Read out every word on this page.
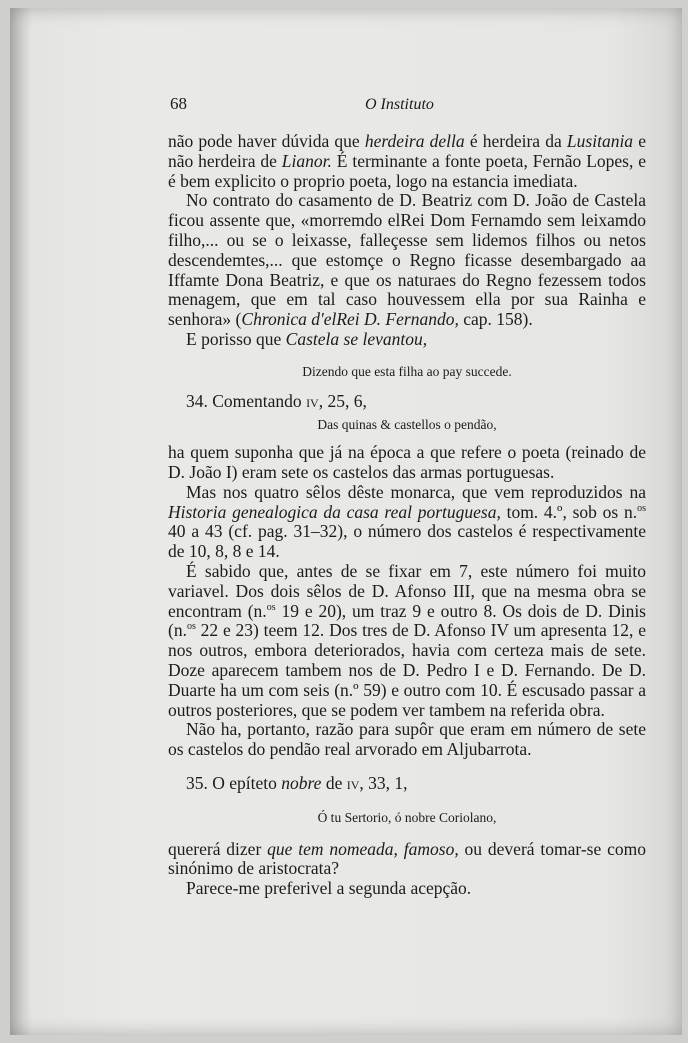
68	O Instituto

não pode haver dúvida que herdeira della é herdeira da Lusitania e não herdeira de Lianor. É terminante a fonte poeta, Fernão Lopes, e é bem explicito o proprio poeta, logo na estancia imediata.

No contrato do casamento de D. Beatriz com D. João de Castela ficou assente que, «morremdo elRei Dom Fernamdo sem leixamdo filho,... ou se o leixasse, falleçesse sem lidemos filhos ou netos descendemtes,... que estomçe o Regno ficasse desembargado aa Iffamte Dona Beatriz, e que os naturaes do Regno fezessem todos menagem, que em tal caso houvessem ella por sua Rainha e senhora» (Chronica d'elRei D. Fernando, cap. 158).

E porisso que Castela se levantou,

Dizendo que esta filha ao pay succede.

34. Comentando iv, 25, 6,

Das quinas & castellos o pendão,

ha quem suponha que já na época a que refere o poeta (reinado de D. João I) eram sete os castelos das armas portuguesas.

Mas nos quatro sêlos dêste monarca, que vem reproduzidos na Historia genealogica da casa real portuguesa, tom. 4.º, sob os n.$^{os}$ 40 a 43 (cf. pag. 31–32), o número dos castelos é respectivamente de 10, 8, 8 e 14.

É sabido que, antes de se fixar em 7, este número foi muito variavel. Dos dois sêlos de D. Afonso III, que na mesma obra se encontram (n.$^{os}$ 19 e 20), um traz 9 e outro 8. Os dois de D. Dinis (n.$^{os}$ 22 e 23) teem 12. Dos tres de D. Afonso IV um apresenta 12, e nos outros, embora deteriorados, havia com certeza mais de sete. Doze aparecem tambem nos de D. Pedro I e D. Fernando. De D. Duarte ha um com seis (n.º 59) e outro com 10. É escusado passar a outros posteriores, que se podem ver tambem na referida obra.

Não ha, portanto, razão para supôr que eram em número de sete os castelos do pendão real arvorado em Aljubarrota.

35. O epíteto nobre de iv, 33, 1,

Ó tu Sertorio, ó nobre Coriolano,

quererá dizer que tem nomeada, famoso, ou deverá tomar-se como sinónimo de aristocrata?

Parece-me preferivel a segunda acepção.
